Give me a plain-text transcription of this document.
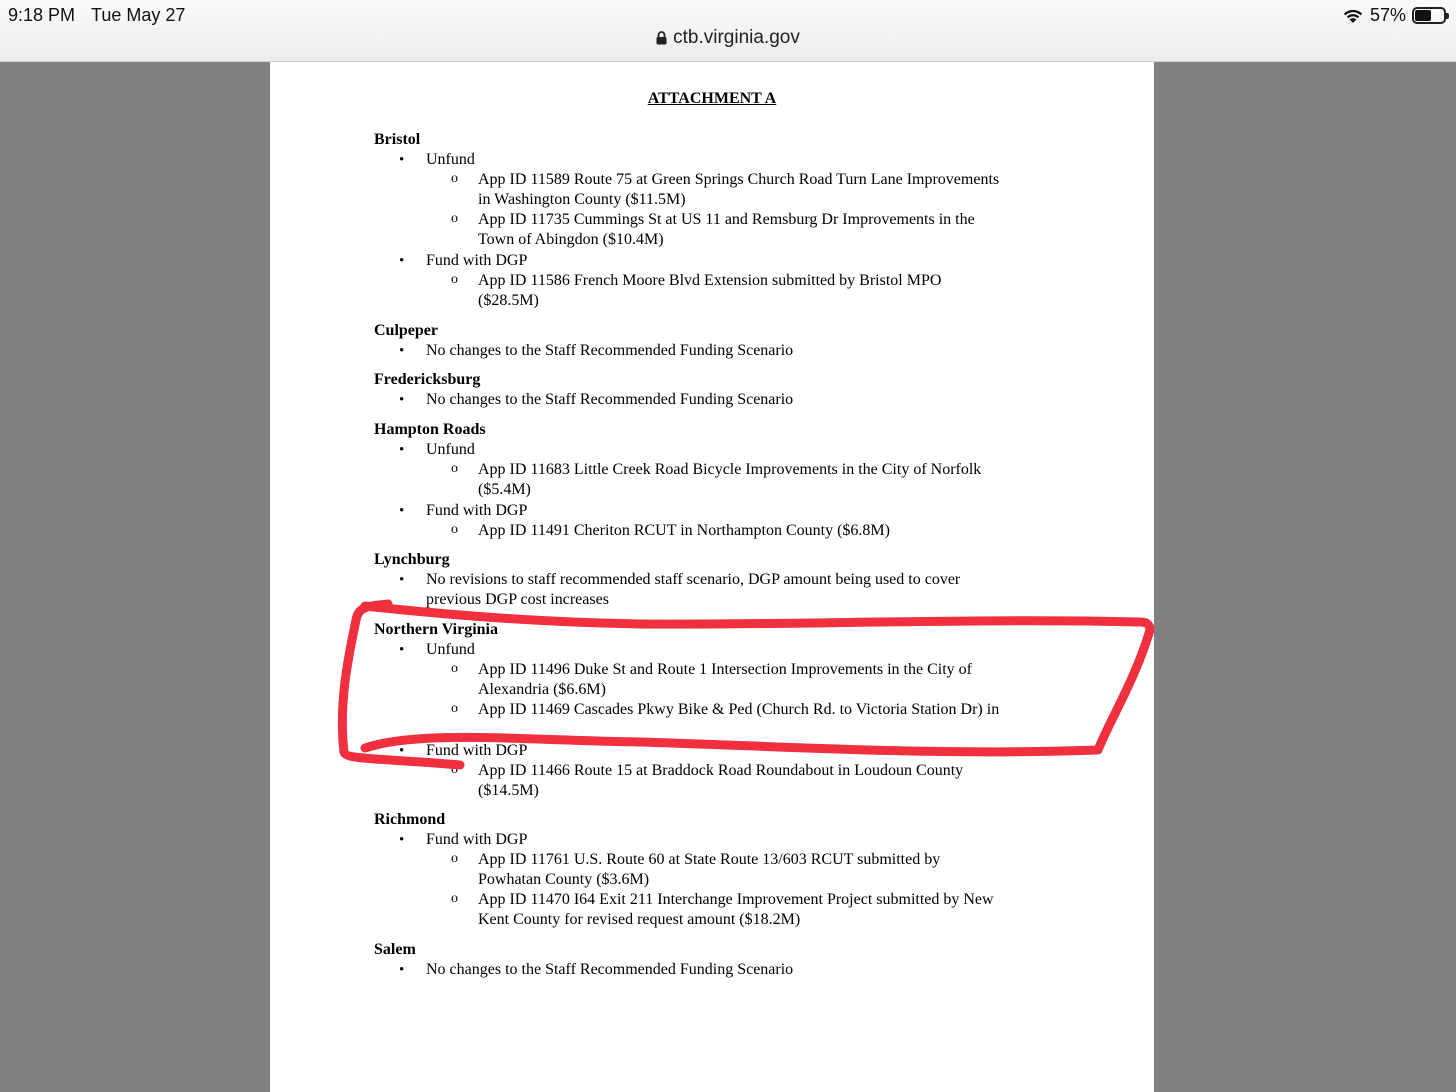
9:18 PM Tue May 27	57%
ctb.virginia.gov
ATTACHMENT A
Bristol
• Unfund
o App ID 11589 Route 75 at Green Springs Church Road Turn Lane Improvements
in Washington County ($11.5M)
o App ID 11735 Cummings St at US 11 and Remsburg Dr Improvements in the
Town of Abingdon ($10.4M)
• Fund with DGP
o App ID 11586 French Moore Blvd Extension submitted by Bristol MPO
($28.5M)
Culpeper
• No changes to the Staff Recommended Funding Scenario
Fredericksburg
• No changes to the Staff Recommended Funding Scenario
Hampton Roads
• Unfund
o App ID 11683 Little Creek Road Bicycle Improvements in the City of Norfolk
($5.4M)
• Fund with DGP
o App ID 11491 Cheriton RCUT in Northampton County ($6.8M)
Lynchburg
• No revisions to staff recommended staff scenario, DGP amount being used to cover
previous DGP cost increases
Northern Virginia
• Unfund
o App ID 11496 Duke St and Route 1 Intersection Improvements in the City of
Alexandria ($6.6M)
o App ID 11469 Cascades Pkwy Bike & Ped (Church Rd. to Victoria Station Dr) in
• Fund with DGP
o App ID 11466 Route 15 at Braddock Road Roundabout in Loudoun County
($14.5M)
Richmond
• Fund with DGP
o App ID 11761 U.S. Route 60 at State Route 13/603 RCUT submitted by
Powhatan County ($3.6M)
o App ID 11470 I64 Exit 211 Interchange Improvement Project submitted by New
Kent County for revised request amount ($18.2M)
Salem
• No changes to the Staff Recommended Funding Scenario
